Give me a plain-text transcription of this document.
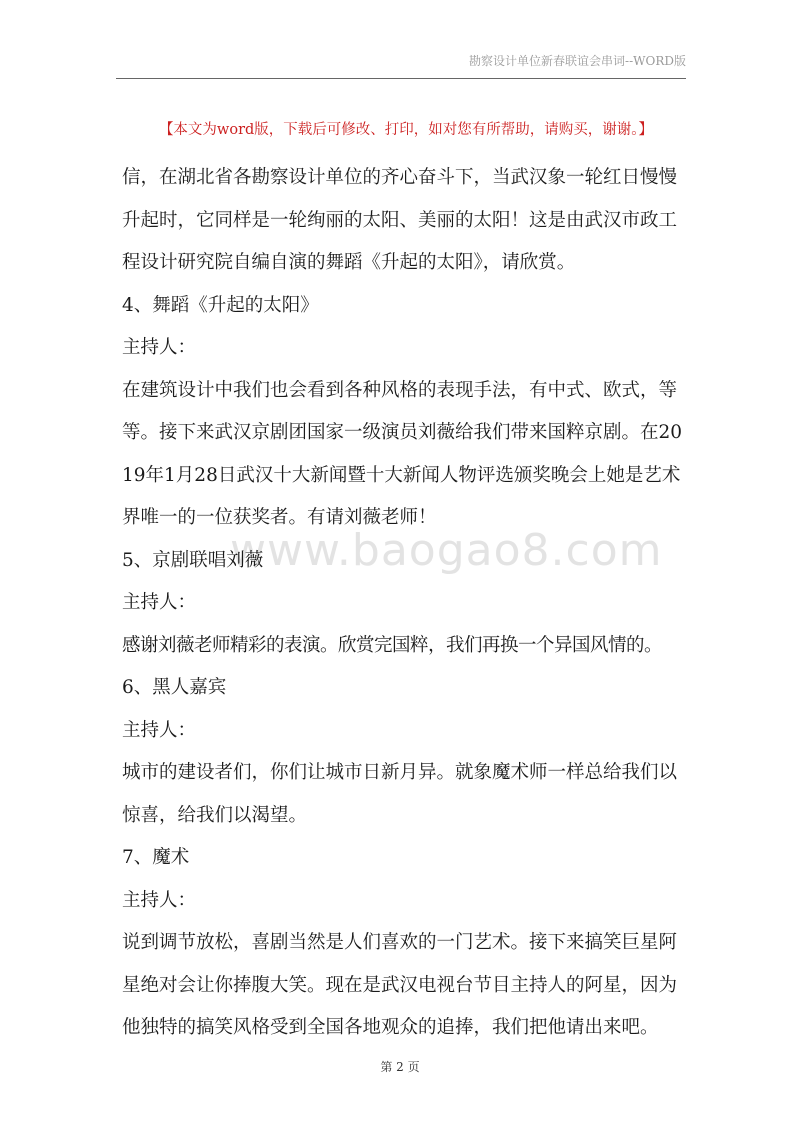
勘察设计单位新春联谊会串词--WORD版
【本文为word版，下载后可修改、打印，如对您有所帮助，请购买，谢谢。】
www.baogao8.com

信，在湖北省各勘察设计单位的齐心奋斗下，当武汉象一轮红日慢慢升起时，它同样是一轮绚丽的太阳、美丽的太阳！这是由武汉市政工程设计研究院自编自演的舞蹈《升起的太阳》，请欣赏。

4、舞蹈《升起的太阳》

主持人：

在建筑设计中我们也会看到各种风格的表现手法，有中式、欧式，等等。接下来武汉京剧团国家一级演员刘薇给我们带来国粹京剧。在2019年1月28日武汉十大新闻暨十大新闻人物评选颁奖晚会上她是艺术界唯一的一位获奖者。有请刘薇老师！

5、京剧联唱刘薇

主持人：

感谢刘薇老师精彩的表演。欣赏完国粹，我们再换一个异国风情的。

6、黑人嘉宾

主持人：

城市的建设者们，你们让城市日新月异。就象魔术师一样总给我们以惊喜，给我们以渴望。

7、魔术

主持人：

说到调节放松，喜剧当然是人们喜欢的一门艺术。接下来搞笑巨星阿星绝对会让你捧腹大笑。现在是武汉电视台节目主持人的阿星，因为他独特的搞笑风格受到全国各地观众的追捧，我们把他请出来吧。

第 2 页
